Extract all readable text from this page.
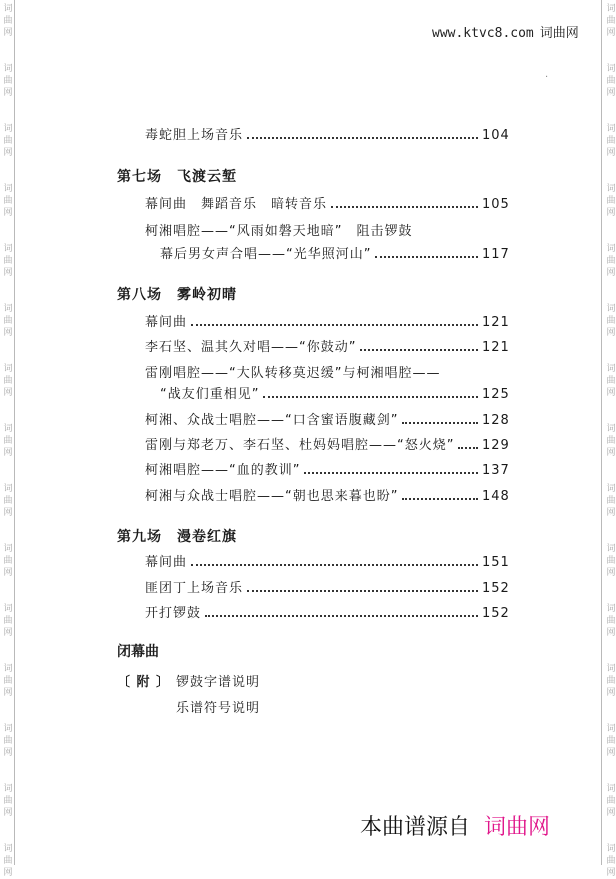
词
曲
网
词
曲
网
词
曲
网
词
曲
网
词
曲
网
词
曲
网
词
曲
网
词
曲
网
词
曲
网
词
曲
网
词
曲
网
词
曲
网
词
曲
网
词
曲
网
词
曲
网
词
曲
网
词
曲
网
词
曲
网
词
曲
网
词
曲
网
词
曲
网
词
曲
网
词
曲
网
词
曲
网
词
曲
网
词
曲
网
词
曲
网
词
曲
网
词
曲
网
词
曲
网
www.ktvc8.com 词曲网
·
毒蛇胆上场音乐	104
第七场　飞渡云堑
幕间曲　舞蹈音乐　暗转音乐	105
柯湘唱腔——“风雨如磐天地暗”　阻击锣鼓
幕后男女声合唱——“光华照河山”	117
第八场　雾岭初晴
幕间曲	121
李石坚、温其久对唱——“你鼓动”	121
雷刚唱腔——“大队转移莫迟缓”与柯湘唱腔——
“战友们重相见”	125
柯湘、众战士唱腔——“口含蜜语腹藏剑”	128
雷刚与郑老万、李石坚、杜妈妈唱腔——“怒火烧” 129
柯湘唱腔——“血的教训”	137
柯湘与众战士唱腔——“朝也思来暮也盼”	148
第九场　漫卷红旗
幕间曲	151
匪团丁上场音乐	152
开打锣鼓	152
闭幕曲
〔 附 〕 锣鼓字谱说明
乐谱符号说明
本曲谱源自 词曲网
